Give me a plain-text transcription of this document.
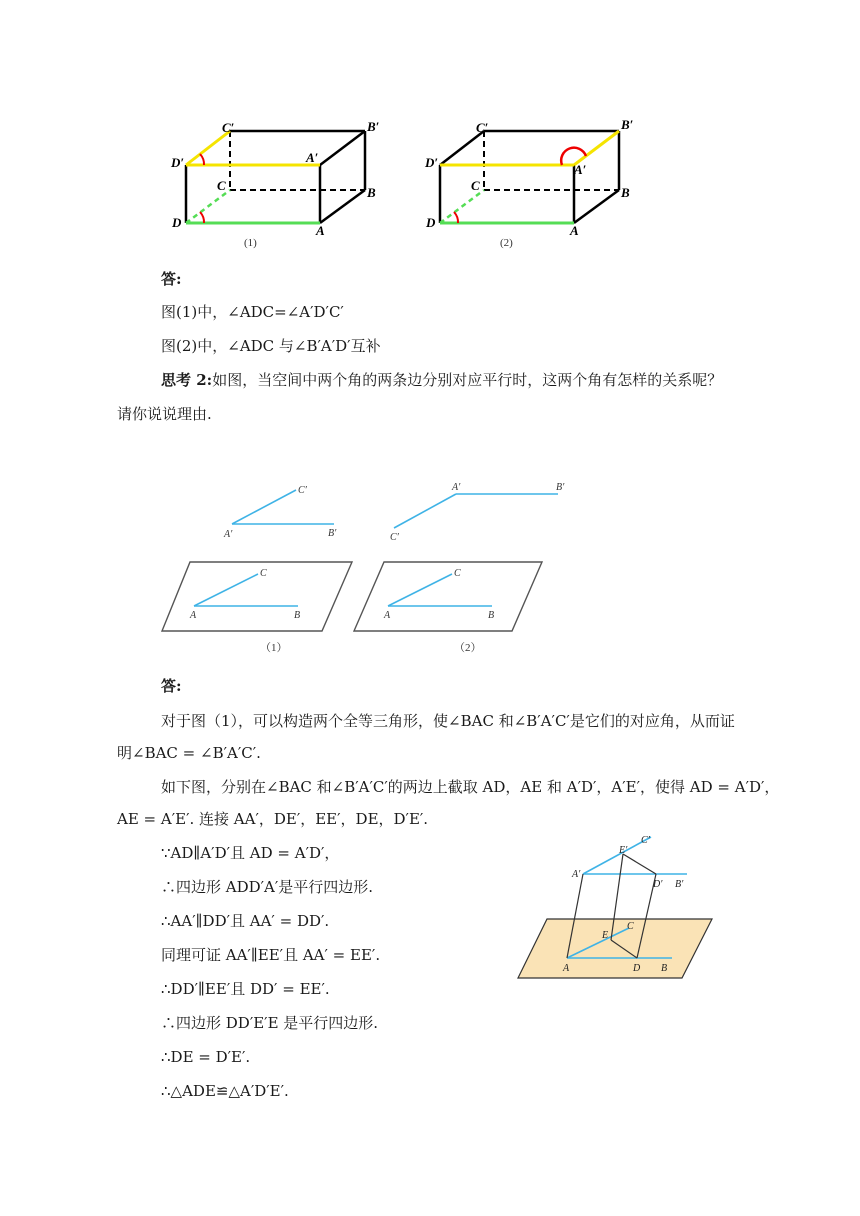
C′	B′
D′	A′
C	B
D
A
(1)
C′	B′
D′	A′
C	B
D
A
(2)
答:
图(1)中，∠ADC=∠A′D′C′
图(2)中，∠ADC 与∠B′A′D′互补
思考 2:如图，当空间中两个角的两条边分别对应平行时，这两个角有怎样的关系呢？
请你说说理由.
C′
A′	B′
C
A	B
（1）
A′	B′
C′
C
A	B
（2）
答:
对于图（1），可以构造两个全等三角形，使∠BAC 和∠B′A′C′是它们的对应角，从而证
明∠BAC = ∠B′A′C′.
如下图，分别在∠BAC 和∠B′A′C′的两边上截取 AD，AE 和 A′D′，A′E′，使得 AD = A′D′，
AE = A′E′. 连接 AA′，DE′，EE′，DE，D′E′.
∵AD∥A′D′且 AD = A′D′，
∴四边形 ADD′A′是平行四边形.
∴AA′∥DD′且 AA′ = DD′.
同理可证 AA′∥EE′且 AA′ = EE′.
∴DD′∥EE′且 DD′ = EE′.
∴四边形 DD′E′E 是平行四边形.
∴DE = D′E′.
∴△ADE≌△A′D′E′.
E′
C′
A′
D′ B′
E
C
A	D B
